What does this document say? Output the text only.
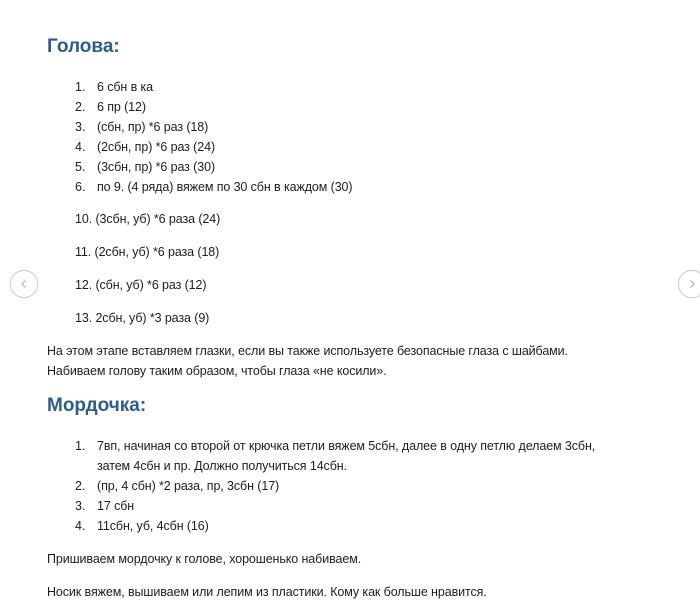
Голова:
1. 6 сбн в ка
2. 6 пр (12)
3. (сбн, пр) *6 раз (18)
4. (2сбн, пр) *6 раз (24)
5. (3сбн, пр) *6 раз (30)
6. по 9. (4 ряда) вяжем по 30 сбн в каждом (30)
10. (3сбн, уб) *6 раза (24)
11. (2сбн, уб) *6 раза (18)
12. (сбн, уб) *6 раз (12)
13. 2сбн, уб) *3 раза (9)
На этом этапе вставляем глазки, если вы также используете безопасные глаза с шайбами.
Набиваем голову таким образом, чтобы глаза «не косили».
Мордочка:
1. 7вп, начиная со второй от крючка петли вяжем 5сбн, далее в одну петлю делаем 3сбн,
затем 4сбн и пр. Должно получиться 14сбн.
2. (пр, 4 сбн) *2 раза, пр, 3сбн (17)
3. 17 сбн
4. 11сбн, уб, 4сбн (16)
Пришиваем мордочку к голове, хорошенько набиваем.
Носик вяжем, вышиваем или лепим из пластики. Кому как больше нравится.
